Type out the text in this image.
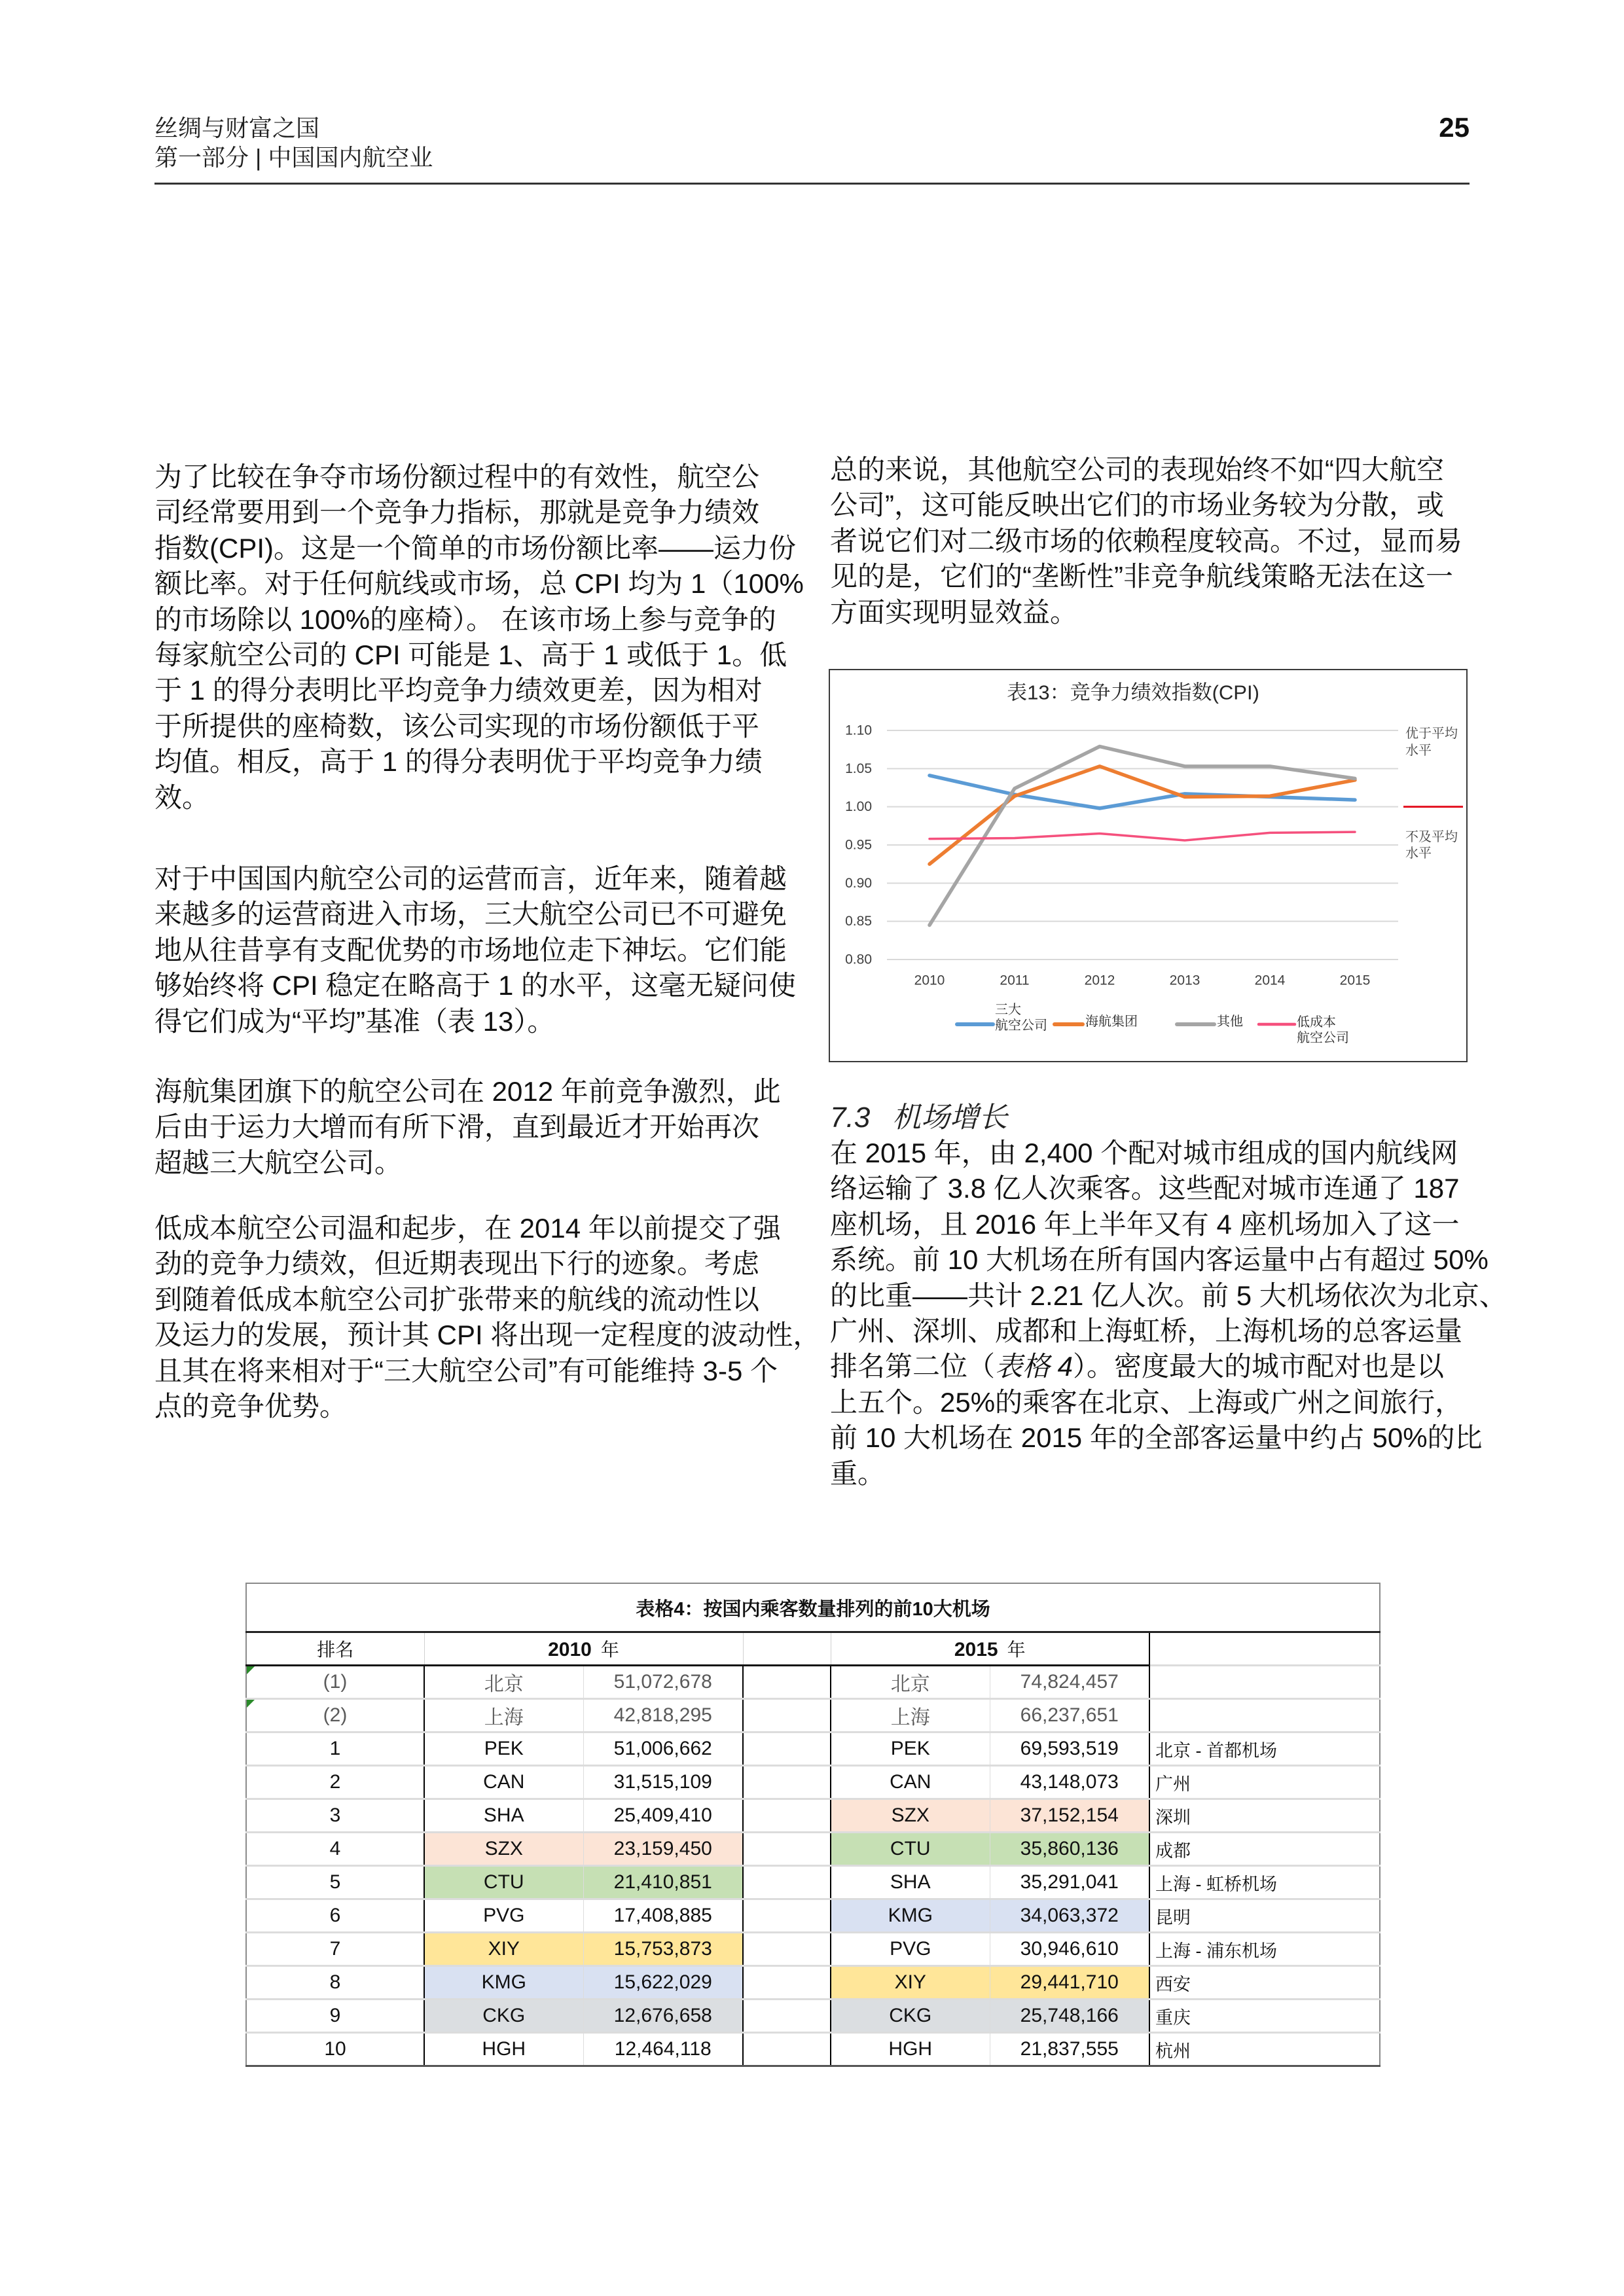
丝绸与财富之国
第一部分 | 中国国内航空业
25
为了比较在争夺市场份额过程中的有效性，航空公
司经常要用到一个竞争力指标，那就是竞争力绩效
指数(CPI)。这是一个简单的市场份额比率——运力份
额比率。对于任何航线或市场，总 CPI 均为 1（100%
的市场除以 100%的座椅）。 在该市场上参与竞争的
每家航空公司的 CPI 可能是 1、高于 1 或低于 1。低
于 1 的得分表明比平均竞争力绩效更差，因为相对
于所提供的座椅数，该公司实现的市场份额低于平
均值。相反，高于 1 的得分表明优于平均竞争力绩
效。
对于中国国内航空公司的运营而言，近年来，随着越
来越多的运营商进入市场，三大航空公司已不可避免
地从往昔享有支配优势的市场地位走下神坛。它们能
够始终将 CPI 稳定在略高于 1 的水平，这毫无疑问使
得它们成为“平均”基准（表 13）。
海航集团旗下的航空公司在 2012 年前竞争激烈，此
后由于运力大增而有所下滑，直到最近才开始再次
超越三大航空公司。
低成本航空公司温和起步，在 2014 年以前提交了强
劲的竞争力绩效，但近期表现出下行的迹象。考虑
到随着低成本航空公司扩张带来的航线的流动性以
及运力的发展，预计其 CPI 将出现一定程度的波动性，
且其在将来相对于“三大航空公司”有可能维持 3-5 个
点的竞争优势。
总的来说，其他航空公司的表现始终不如“四大航空
公司”，这可能反映出它们的市场业务较为分散，或
者说它们对二级市场的依赖程度较高。不过，显而易
见的是，它们的“垄断性”非竞争航线策略无法在这一
方面实现明显效益。
表13：竞争力绩效指数(CPI)
1.10
1.05
1.00
0.95
0.90
0.85
0.80
2010	2011	2012	2013	2014	2015
优于平均
水平
不及平均
水平
三大
航空公司	海航集团	其他	低成本
航空公司
7.3 机场增长
在 2015 年，由 2,400 个配对城市组成的国内航线网
络运输了 3.8 亿人次乘客。这些配对城市连通了 187
座机场，且 2016 年上半年又有 4 座机场加入了这一
系统。前 10 大机场在所有国内客运量中占有超过 50%
的比重——共计 2.21 亿人次。前 5 大机场依次为北京、
广州、深圳、成都和上海虹桥，上海机场的总客运量
排名第二位（表格 4）。密度最大的城市配对也是以
上五个。25%的乘客在北京、上海或广州之间旅行，
前 10 大机场在 2015 年的全部客运量中约占 50%的比
重。
表格4：按国内乘客数量排列的前10大机场						
排名	2010 年			2015 年		

(1)	北京	51,072,678		北京	74,824,457	

(2)	上海	42,818,295		上海	66,237,651	
1	PEK	51,006,662		PEK	69,593,519	北京 - 首都机场
2	CAN	31,515,109		CAN	43,148,073	广州
3	SHA	25,409,410		SZX	37,152,154	深圳
4	SZX	23,159,450		CTU	35,860,136	成都
5	CTU	21,410,851		SHA	35,291,041	上海 - 虹桥机场
6	PVG	17,408,885		KMG	34,063,372	昆明
7	XIY	15,753,873		PVG	30,946,610	上海 - 浦东机场
8	KMG	15,622,029		XIY	29,441,710	西安
9	CKG	12,676,658		CKG	25,748,166	重庆
10	HGH	12,464,118		HGH	21,837,555	杭州
